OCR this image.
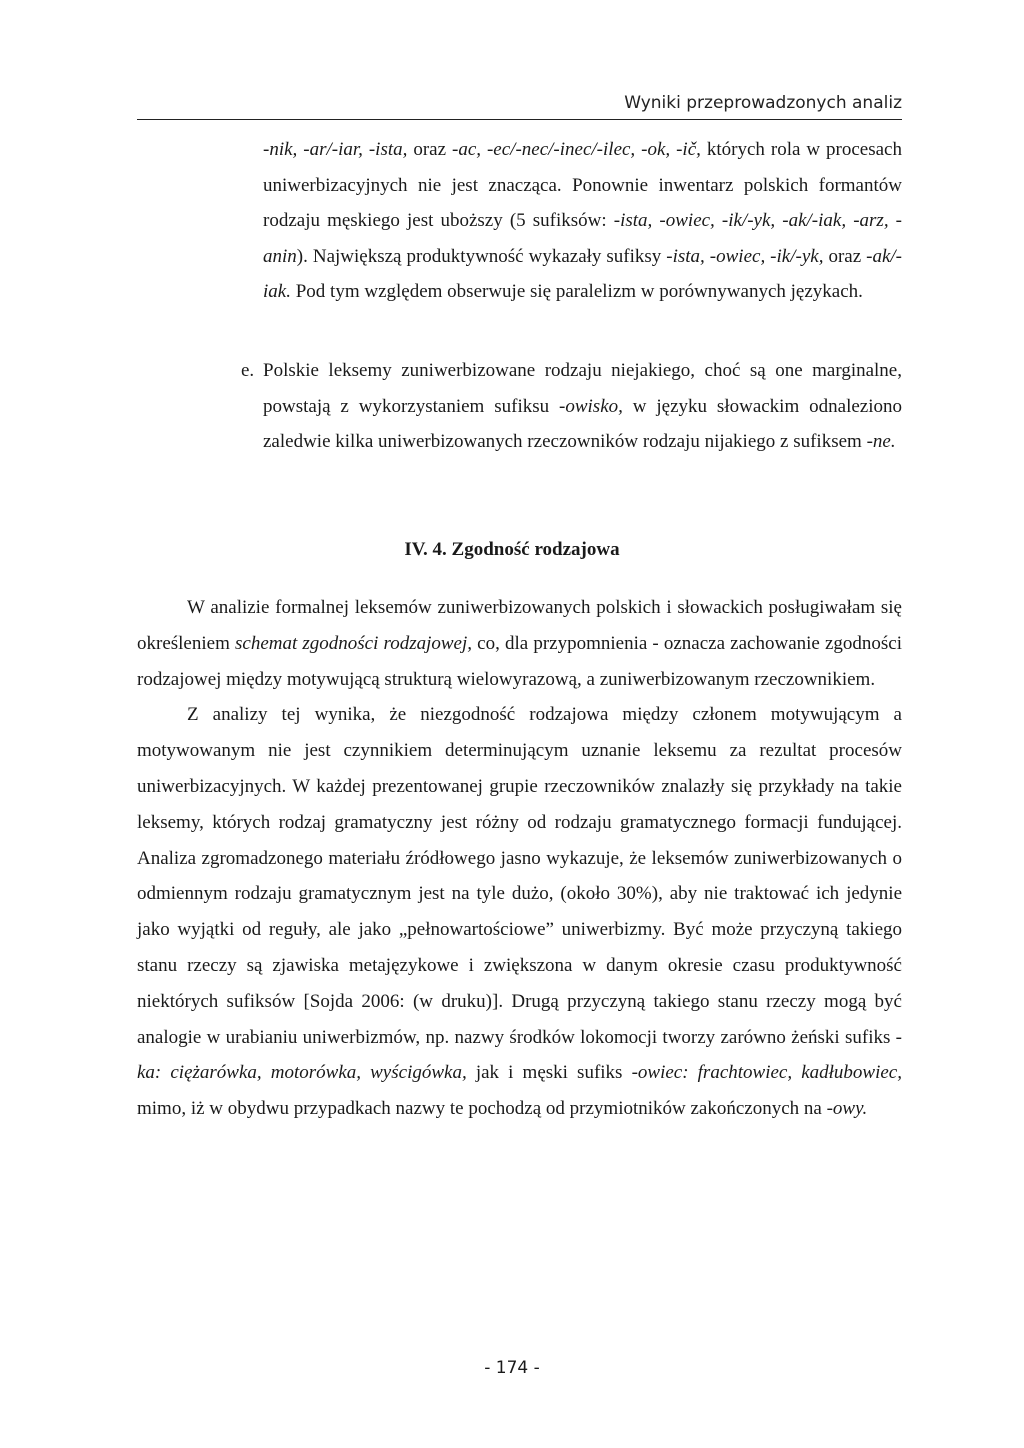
Wyniki przeprowadzonych analiz
-nik, -ar/-iar, -ista, oraz -ac, -ec/-nec/-inec/-ilec, -ok, -ič, których rola w procesach uniwerbizacyjnych nie jest znacząca. Ponownie inwentarz polskich formantów rodzaju męskiego jest uboższy (5 sufiksów: -ista, -owiec, -ik/-yk, -ak/-iak, -arz, -anin). Największą produktywność wykazały sufiksy -ista, -owiec, -ik/-yk, oraz -ak/-iak. Pod tym względem obserwuje się paralelizm w porównywanych językach.
e. Polskie leksemy zuniwerbizowane rodzaju niejakiego, choć są one marginalne, powstają z wykorzystaniem sufiksu -owisko, w języku słowackim odnaleziono zaledwie kilka uniwerbizowanych rzeczowników rodzaju nijakiego z sufiksem -ne.
IV. 4. Zgodność rodzajowa

W analizie formalnej leksemów zuniwerbizowanych polskich i słowackich posługiwałam się określeniem schemat zgodności rodzajowej, co, dla przypomnienia - oznacza zachowanie zgodności rodzajowej między motywującą strukturą wielowyrazową, a zuniwerbizowanym rzeczownikiem.

Z analizy tej wynika, że niezgodność rodzajowa między członem motywującym a motywowanym nie jest czynnikiem determinującym uznanie leksemu za rezultat procesów uniwerbizacyjnych. W każdej prezentowanej grupie rzeczowników znalazły się przykłady na takie leksemy, których rodzaj gramatyczny jest różny od rodzaju gramatycznego formacji fundującej. Analiza zgromadzonego materiału źródłowego jasno wykazuje, że leksemów zuniwerbizowanych o odmiennym rodzaju gramatycznym jest na tyle dużo, (około 30%), aby nie traktować ich jedynie jako wyjątki od reguły, ale jako „pełnowartościowe” uniwerbizmy. Być może przyczyną takiego stanu rzeczy są zjawiska metajęzykowe i zwiększona w danym okresie czasu produktywność niektórych sufiksów [Sojda 2006: (w druku)]. Drugą przyczyną takiego stanu rzeczy mogą być analogie w urabianiu uniwerbizmów, np. nazwy środków lokomocji tworzy zarówno żeński sufiks -ka: ciężarówka, motorówka, wyścigówka, jak i męski sufiks -owiec: frachtowiec, kadłubowiec, mimo, iż w obydwu przypadkach nazwy te pochodzą od przymiotników zakończonych na -owy.

- 174 -
